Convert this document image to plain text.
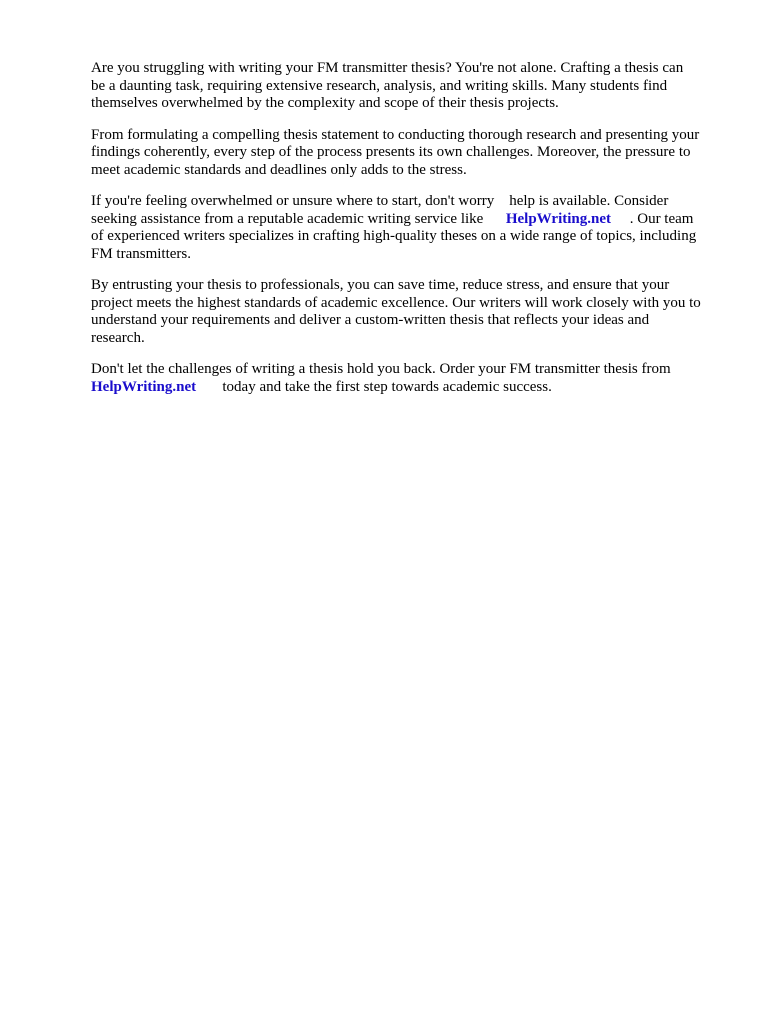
Are you struggling with writing your FM transmitter thesis? You're not alone. Crafting a thesis can
be a daunting task, requiring extensive research, analysis, and writing skills. Many students find
themselves overwhelmed by the complexity and scope of their thesis projects.

From formulating a compelling thesis statement to conducting thorough research and presenting your
findings coherently, every step of the process presents its own challenges. Moreover, the pressure to
meet academic standards and deadlines only adds to the stress.

If you're feeling overwhelmed or unsure where to start, don't worry    help is available. Consider
seeking assistance from a reputable academic writing service like      HelpWriting.net     . Our team
of experienced writers specializes in crafting high-quality theses on a wide range of topics, including
FM transmitters.

By entrusting your thesis to professionals, you can save time, reduce stress, and ensure that your
project meets the highest standards of academic excellence. Our writers will work closely with you to
understand your requirements and deliver a custom-written thesis that reflects your ideas and
research.

Don't let the challenges of writing a thesis hold you back. Order your FM transmitter thesis from
HelpWriting.net       today and take the first step towards academic success.
